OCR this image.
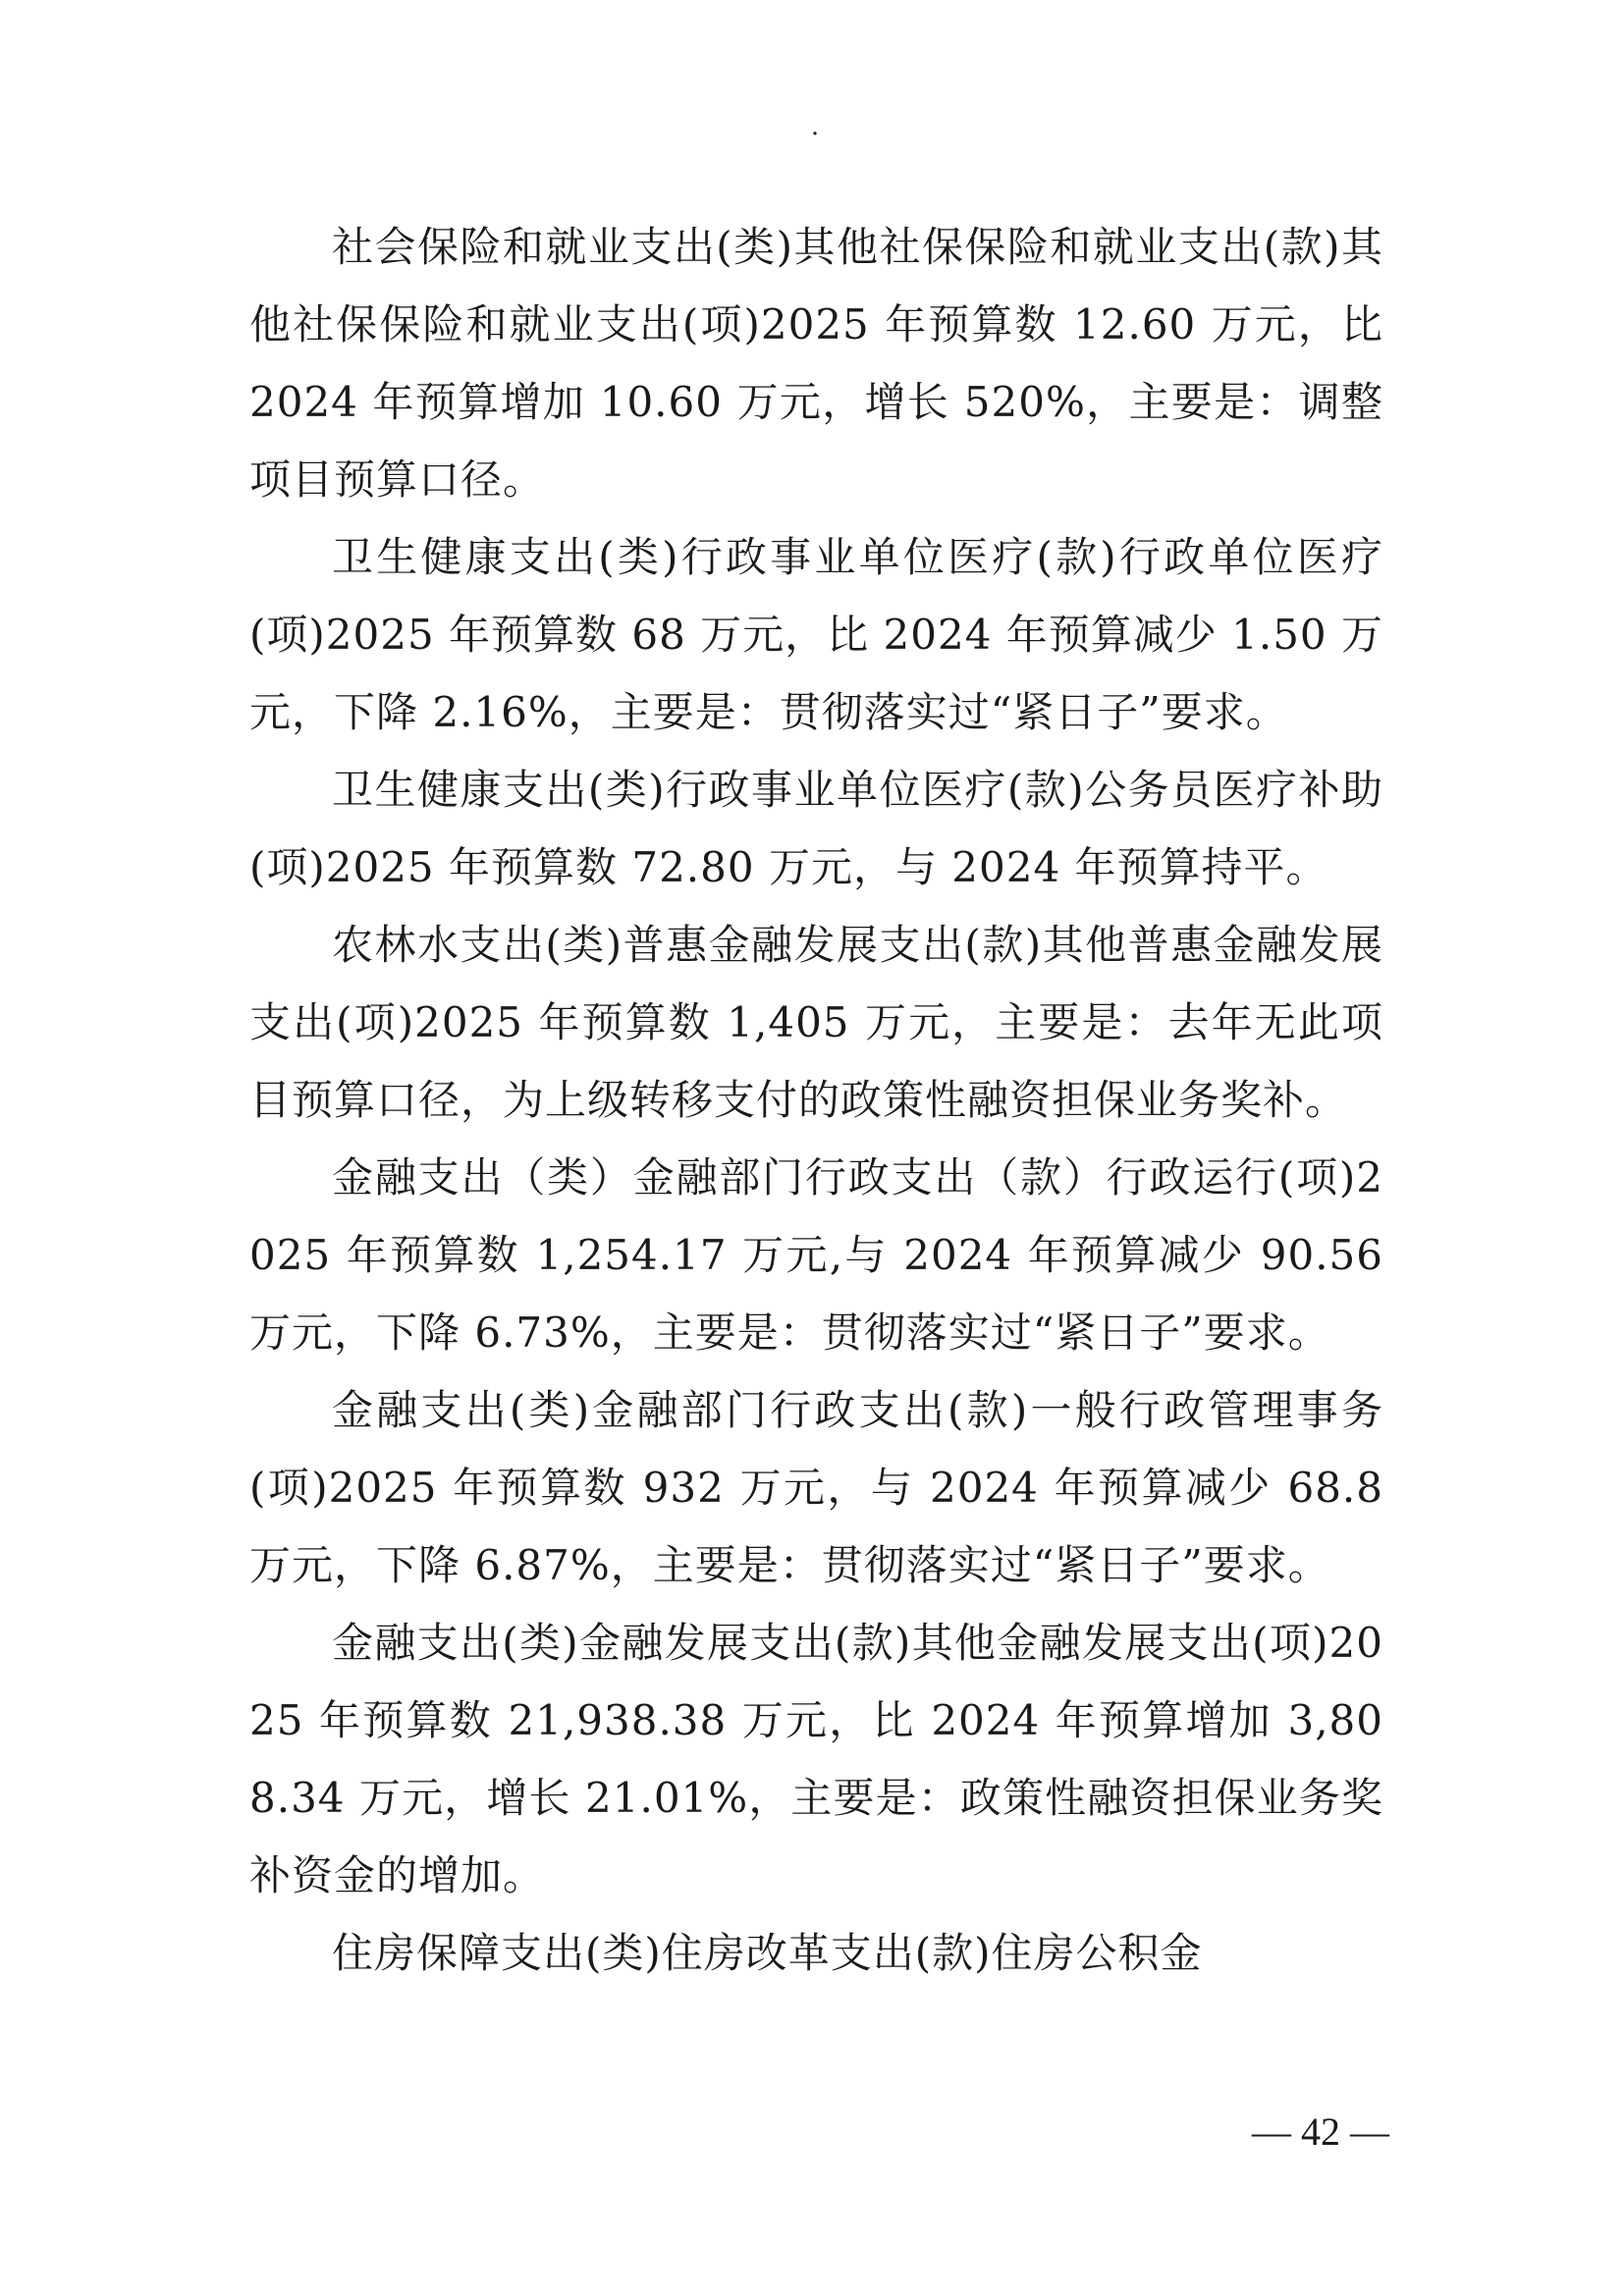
.

社会保险和就业支出(类)其他社保保险和就业支出(款)其他社保保险和就业支出(项)2025 年预算数 12.60 万元，比 2024 年预算增加 10.60 万元，增长 520%，主要是：调整项目预算口径。

卫生健康支出(类)行政事业单位医疗(款)行政单位医疗(项)2025 年预算数 68 万元，比 2024 年预算减少 1.50 万元，下降 2.16%，主要是：贯彻落实过“紧日子”要求。

卫生健康支出(类)行政事业单位医疗(款)公务员医疗补助(项)2025 年预算数 72.80 万元，与 2024 年预算持平。

农林水支出(类)普惠金融发展支出(款)其他普惠金融发展支出(项)2025 年预算数 1,405 万元，主要是：去年无此项目预算口径，为上级转移支付的政策性融资担保业务奖补。

金融支出（类）金融部门行政支出（款）行政运行(项)2025 年预算数 1,254.17 万元,与 2024 年预算减少 90.56 万元，下降 6.73%，主要是：贯彻落实过“紧日子”要求。

金融支出(类)金融部门行政支出(款)一般行政管理事务(项)2025 年预算数 932 万元，与 2024 年预算减少 68.8 万元，下降 6.87%，主要是：贯彻落实过“紧日子”要求。

金融支出(类)金融发展支出(款)其他金融发展支出(项)2025 年预算数 21,938.38 万元，比 2024 年预算增加 3,808.34 万元，增长 21.01%，主要是：政策性融资担保业务奖补资金的增加。

住房保障支出(类)住房改革支出(款)住房公积金

— 42 —
